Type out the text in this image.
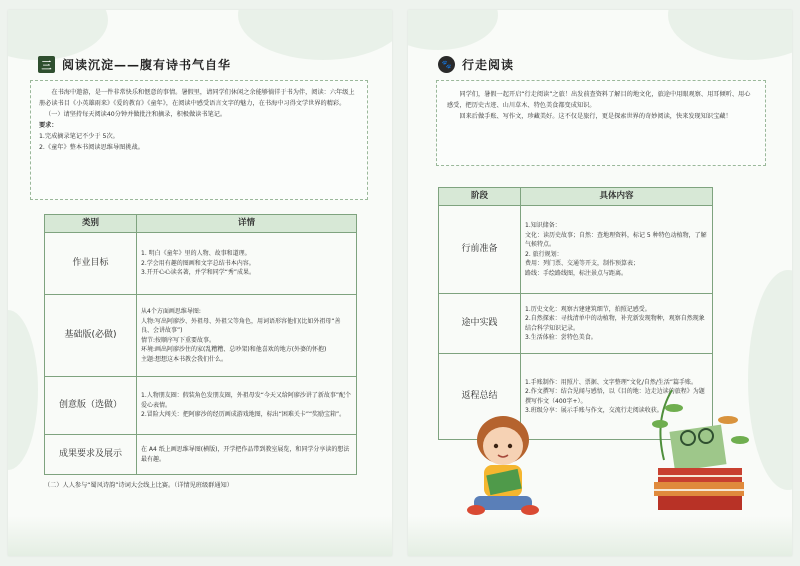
三 阅读沉淀——腹有诗书气自华

在书海中遨游，是一件非常快乐和惬意的事情。暑假里，请同学们休闲之余能够徜徉于书为伴，阅读：六年级上册必读书目《小英雄雨来》《爱的教育》《童年》，在阅读中感受语言文字的魅力，在书海中习得文学世界的精彩。

（一）请坚持每天阅读40分钟并做批注和摘录，积极做读书笔记。

要求：

1.完成摘录笔记不少于 5次。

2.《童年》整本书阅读思维导图挑战。

类别	详情
作业目标	1. 明白《童年》里的人物、故事和道理。
2.学会用有趣的图画和文字总结书本内容。
3.开开心心读名著，并学和同学“秀”成果。

基础版(必做)	从4个方面画思维导图:
人物:写出阿廖沙、外祖母、外祖父等角色，用词语形容他们(比如外祖母“善良、会讲故事”)
情节:按顺序写下重要故事。
环境:画出阿廖沙住的家(乱糟糟、总吵架)和他喜欢的地方(外婆的怀抱)
主题:想想这本书教会我们什么。

创意版（选做）	1.人物朋友圈：假装角色发朋友圈，外祖母发“今天又给阿廖沙讲了新故事”配个爱心表情。
2.冒险大闯关：把阿廖沙的经历画成游戏地图，标出“困难关卡”“奖励宝箱”。

成果要求及展示	在 A4 纸上画思维导图(横版)，开学把作品带到教室展览，和同学分享读的想法最有趣。
（二）人人参与“蜀风诗韵”诗词大会线上比赛。（详情见班级群通知）
🐾 行走阅读

同学们，暑假一起开启“行走阅读”之旅！出发前查资料了解目的地文化，旅途中用眼观察、用耳倾听、用心感受，把历史古迹、山川草木、特色美食都变成知识。

回来后做手账、写作文，珍藏美好。这不仅是旅行，更是探索世界的奇妙阅读，快来发现知识宝藏！

阶段	具体内容
行前准备	1.知识储备：
文化：读历史故事；自然：查地理资料，标记 5 种特色动植物，了解气候特点。
2. 旅行规划：
费用：列门票、交通等开支，制作预算表；
路线：手绘路线图，标注景点与距离。

途中实践	1.历史文化：观察古建建筑细节，拍照记感受。
2.自然探索：寻找清单中的动植物，补充新发现物种，观察自然现象结合科学知识记录。
3.生活体验：尝特色美食。

返程总结	1.手账制作：用照片、票据、文字整理“文化/自然/生活”篇手账。
2.作文撰写：结合见闻与感悟，以《目的地：边走边读的旅程》为题撰写作文（400字+）。
3.班级分享：展示手账与作文，交流行走阅读收获。
